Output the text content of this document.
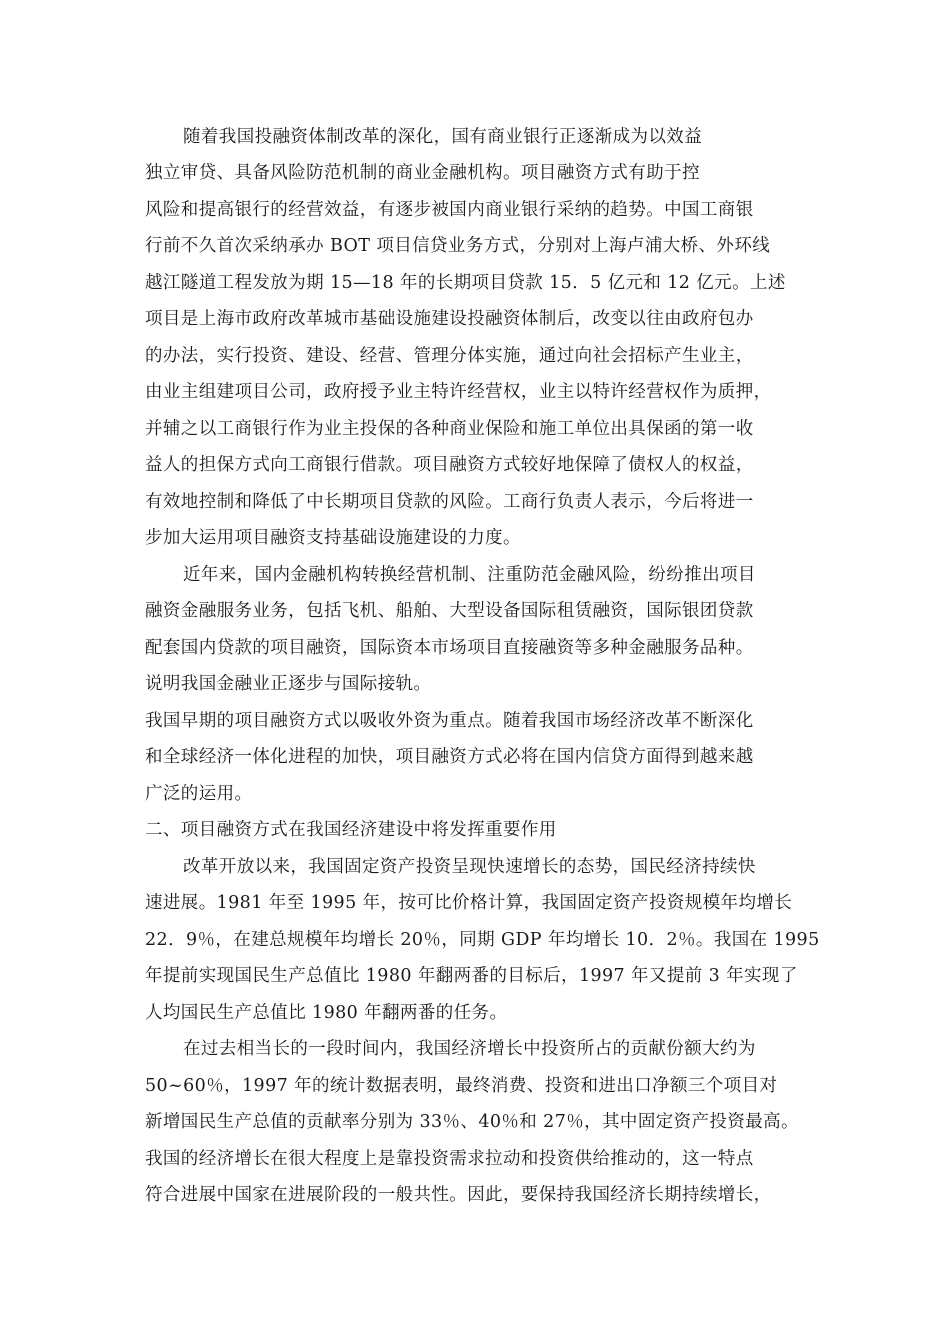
随着我国投融资体制改革的深化，国有商业银行正逐渐成为以效益
独立审贷、具备风险防范机制的商业金融机构。项目融资方式有助于控
风险和提高银行的经营效益，有逐步被国内商业银行采纳的趋势。中国工商银
行前不久首次采纳承办 BOT 项目信贷业务方式，分别对上海卢浦大桥、外环线
越江隧道工程发放为期 15—18 年的长期项目贷款 15．5 亿元和 12 亿元。上述
项目是上海市政府改革城市基础设施建设投融资体制后，改变以往由政府包办
的办法，实行投资、建设、经营、管理分体实施，通过向社会招标产生业主，
由业主组建项目公司，政府授予业主特许经营权，业主以特许经营权作为质押，
并辅之以工商银行作为业主投保的各种商业保险和施工单位出具保函的第一收
益人的担保方式向工商银行借款。项目融资方式较好地保障了债权人的权益，
有效地控制和降低了中长期项目贷款的风险。工商行负责人表示，今后将进一
步加大运用项目融资支持基础设施建设的力度。
近年来，国内金融机构转换经营机制、注重防范金融风险，纷纷推出项目
融资金融服务业务，包括飞机、船舶、大型设备国际租赁融资，国际银团贷款
配套国内贷款的项目融资，国际资本市场项目直接融资等多种金融服务品种。
说明我国金融业正逐步与国际接轨。
我国早期的项目融资方式以吸收外资为重点。随着我国市场经济改革不断深化
和全球经济一体化进程的加快，项目融资方式必将在国内信贷方面得到越来越
广泛的运用。
二、项目融资方式在我国经济建设中将发挥重要作用
改革开放以来，我国固定资产投资呈现快速增长的态势，国民经济持续快
速进展。1981 年至 1995 年，按可比价格计算，我国固定资产投资规模年均增长
22．9％，在建总规模年均增长 20％，同期 GDP 年均增长 10．2％。我国在 1995
年提前实现国民生产总值比 1980 年翻两番的目标后，1997 年又提前 3 年实现了
人均国民生产总值比 1980 年翻两番的任务。
在过去相当长的一段时间内，我国经济增长中投资所占的贡献份额大约为
50~60％，1997 年的统计数据表明，最终消费、投资和进出口净额三个项目对
新增国民生产总值的贡献率分别为 33％、40％和 27％，其中固定资产投资最高。
我国的经济增长在很大程度上是靠投资需求拉动和投资供给推动的，这一特点
符合进展中国家在进展阶段的一般共性。因此，要保持我国经济长期持续增长，
